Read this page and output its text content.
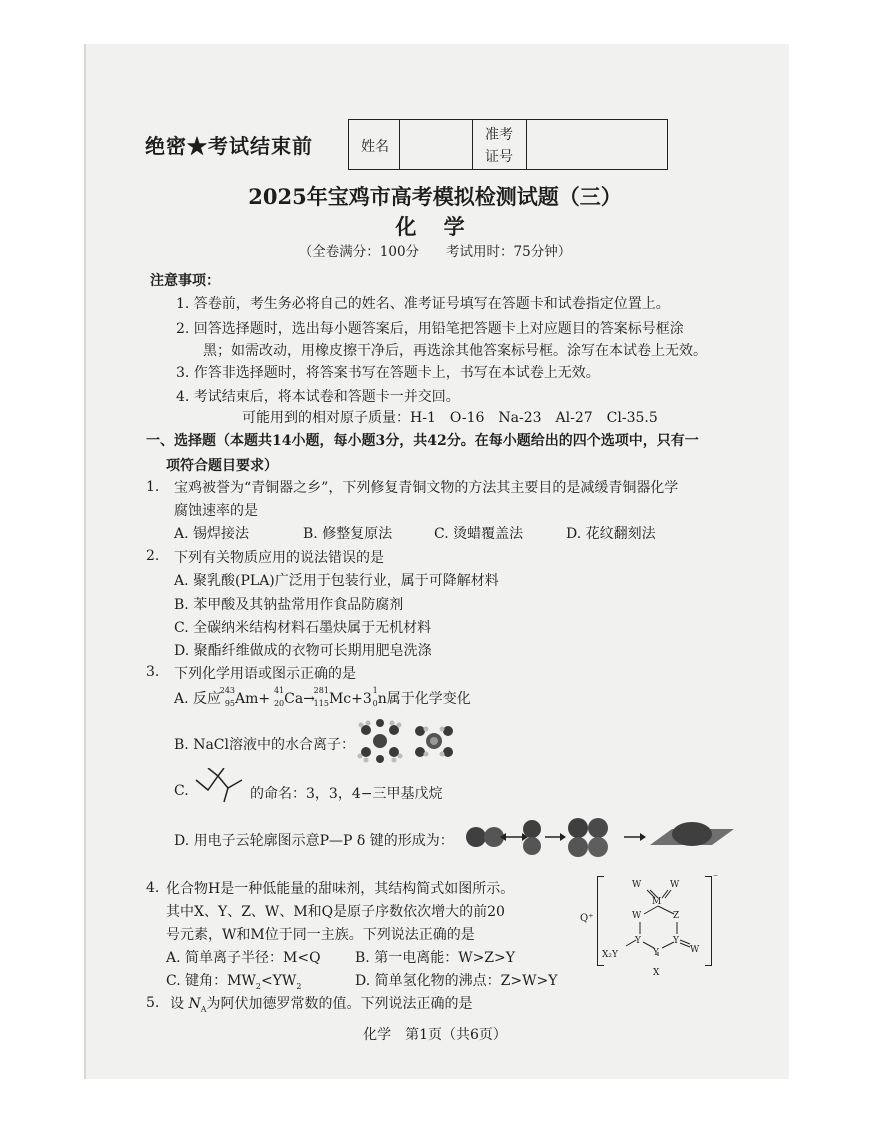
绝密★考试结束前	姓名
准考
证号
2025年宝鸡市高考模拟检测试题（三）
化 学
（全卷满分：100分　　考试用时：75分钟）
注意事项：
1. 答卷前，考生务必将自己的姓名、准考证号填写在答题卡和试卷指定位置上。
2. 回答选择题时，选出每小题答案后，用铅笔把答题卡上对应题目的答案标号框涂
黑；如需改动，用橡皮擦干净后，再选涂其他答案标号框。涂写在本试卷上无效。
3. 作答非选择题时，将答案书写在答题卡上，书写在本试卷上无效。
4. 考试结束后，将本试卷和答题卡一并交回。
可能用到的相对原子质量：H-1　O-16　Na-23　Al-27　Cl-35.5
一、选择题（本题共14小题，每小题3分，共42分。在每小题给出的四个选项中，只有一
项符合题目要求）
1. 宝鸡被誉为“青铜器之乡”，下列修复青铜文物的方法其主要目的是减缓青铜器化学
腐蚀速率的是
A. 锡焊接法	B. 修整复原法	C. 烫蜡覆盖法	D. 花纹翻刻法
2. 下列有关物质应用的说法错误的是
A. 聚乳酸(PLA)广泛用于包装行业，属于可降解材料
B. 苯甲酸及其钠盐常用作食品防腐剂
C. 全碳纳米结构材料石墨炔属于无机材料
D. 聚酯纤维做成的衣物可长期用肥皂洗涤
3. 下列化学用语或图示正确的是
A. 反应
243
95 Am+
41
20 Ca→
281
115 Mc+3
1
0 n属于化学变化
B. NaCl溶液中的水合离子：
C.	的命名：3，3，4−三甲基戊烷
D. 用电子云轮廓图示意P—P δ 键的形成为：
4. 化合物H是一种低能量的甜味剂，其结构简式如图所示。
其中X、Y、Z、W、M和Q是原子序数依次增大的前20
号元素，W和M位于同一主族。下列说法正确的是
A. 简单离子半径：M<Q B. 第一电离能：W>Z>Y
C. 键角：$MW_2<YW_2$	D. 简单氢化物的沸点：Z>W>Y
Q⁺
⁻
M
W	W
W	Z
Y	Y
W
Y
X₂Y
X
5. 设 $N_A$为阿伏加德罗常数的值。下列说法正确的是
化学　第1页（共6页）
